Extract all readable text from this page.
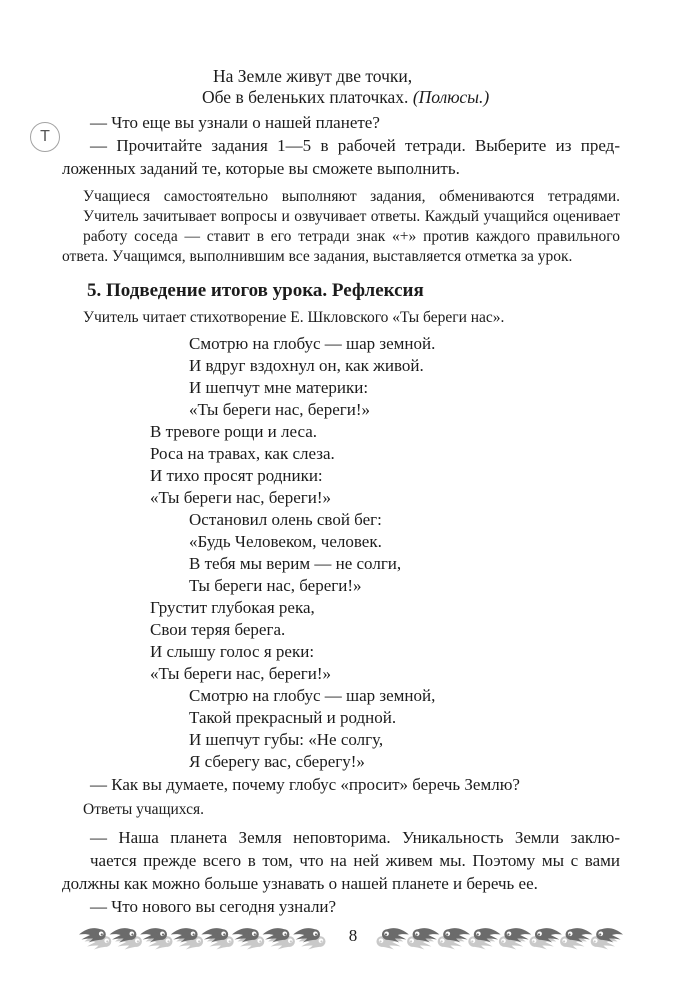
Т
На Земле живут две точки,
Обе в беленьких платочках. (Полюсы.)
— Что еще вы узнали о нашей планете?
— Прочитайте задания 1—5 в рабочей тетради. Выберите из пред-
ложенных заданий те, которые вы сможете выполнить.
Учащиеся самостоятельно выполняют задания, обмениваются тетрадями.
Учитель зачитывает вопросы и озвучивает ответы. Каждый учащийся оценивает
работу соседа — ставит в его тетради знак «+» против каждого правильного
ответа. Учащимся, выполнившим все задания, выставляется отметка за урок.
5. Подведение итогов урока. Рефлексия
Учитель читает стихотворение Е. Шкловского «Ты береги нас».
Смотрю на глобус — шар земной.
И вдруг вздохнул он, как живой.
И шепчут мне материки:
«Ты береги нас, береги!»
В тревоге рощи и леса.
Роса на травах, как слеза.
И тихо просят родники:
«Ты береги нас, береги!»
Остановил олень свой бег:
«Будь Человеком, человек.
В тебя мы верим — не солги,
Ты береги нас, береги!»
Грустит глубокая река,
Свои теряя берега.
И слышу голос я реки:
«Ты береги нас, береги!»
Смотрю на глобус — шар земной,
Такой прекрасный и родной.
И шепчут губы: «Не солгу,
Я сберегу вас, сберегу!»
— Как вы думаете, почему глобус «просит» беречь Землю?
Ответы учащихся.
— Наша планета Земля неповторима. Уникальность Земли заклю-
чается прежде всего в том, что на ней живем мы. Поэтому мы с вами
должны как можно больше узнавать о нашей планете и беречь ее.
— Что нового вы сегодня узнали?
8
